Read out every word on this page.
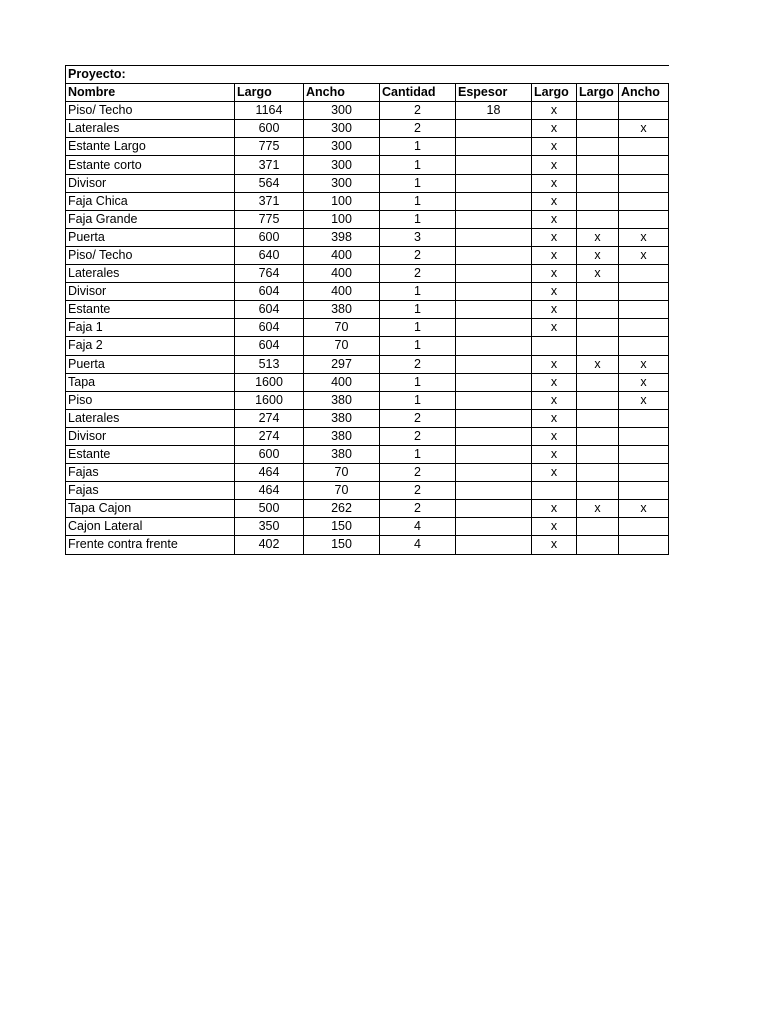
Proyecto:							
Nombre	Largo	Ancho	Cantidad	Espesor	Largo	Largo	Ancho
Piso/ Techo	1164	300	2	18	x		
Laterales	600	300	2		x		x
Estante Largo	775	300	1		x		
Estante corto	371	300	1		x		
Divisor	564	300	1		x		
Faja Chica	371	100	1		x		
Faja Grande	775	100	1		x		
Puerta	600	398	3		x	x	x
Piso/ Techo	640	400	2		x	x	x
Laterales	764	400	2		x	x	
Divisor	604	400	1		x		
Estante	604	380	1		x		
Faja 1	604	70	1		x		
Faja 2	604	70	1				
Puerta	513	297	2		x	x	x
Tapa	1600	400	1		x		x
Piso	1600	380	1		x		x
Laterales	274	380	2		x		
Divisor	274	380	2		x		
Estante	600	380	1		x		
Fajas	464	70	2		x		
Fajas	464	70	2				
Tapa Cajon	500	262	2		x	x	x
Cajon Lateral	350	150	4		x		
Frente contra frente	402	150	4		x		
